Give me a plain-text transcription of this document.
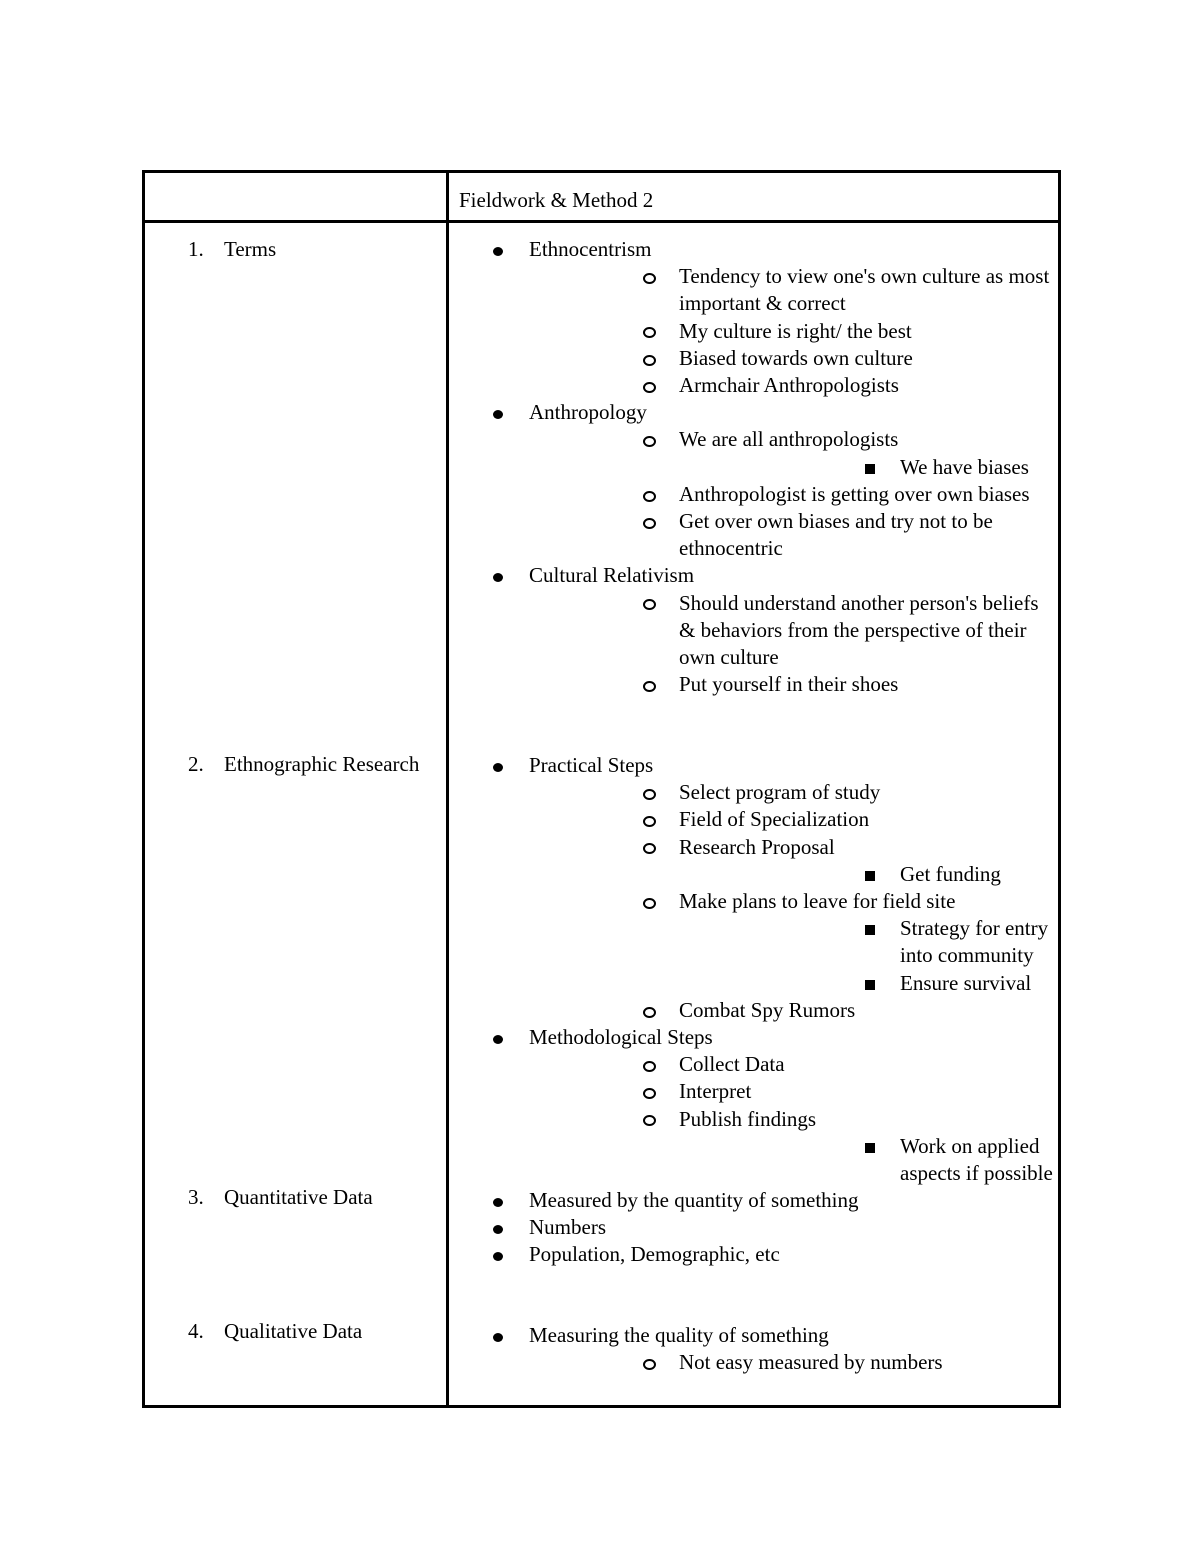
Fieldwork & Method 2
1. Terms	Ethnocentrism
Tendency to view one's own culture as most important & correct
My culture is right/ the best
Biased towards own culture
Armchair Anthropologists
Anthropology
We are all anthropologists
We have biases
Anthropologist is getting over own biases
Get over own biases and try not to be ethnocentric
Cultural Relativism
Should understand another person's beliefs & behaviors from the perspective of their own culture
Put yourself in their shoes
2. Ethnographic Research	Practical Steps
Select program of study
Field of Specialization
Research Proposal
Get funding
Make plans to leave for field site
Strategy for entry into community
Ensure survival
Combat Spy Rumors
Methodological Steps
Collect Data
Interpret
Publish findings
Work on applied aspects if possible
3. Quantitative Data	Measured by the quantity of something
Numbers
Population, Demographic, etc
4. Qualitative Data	Measuring the quality of something
Not easy measured by numbers
